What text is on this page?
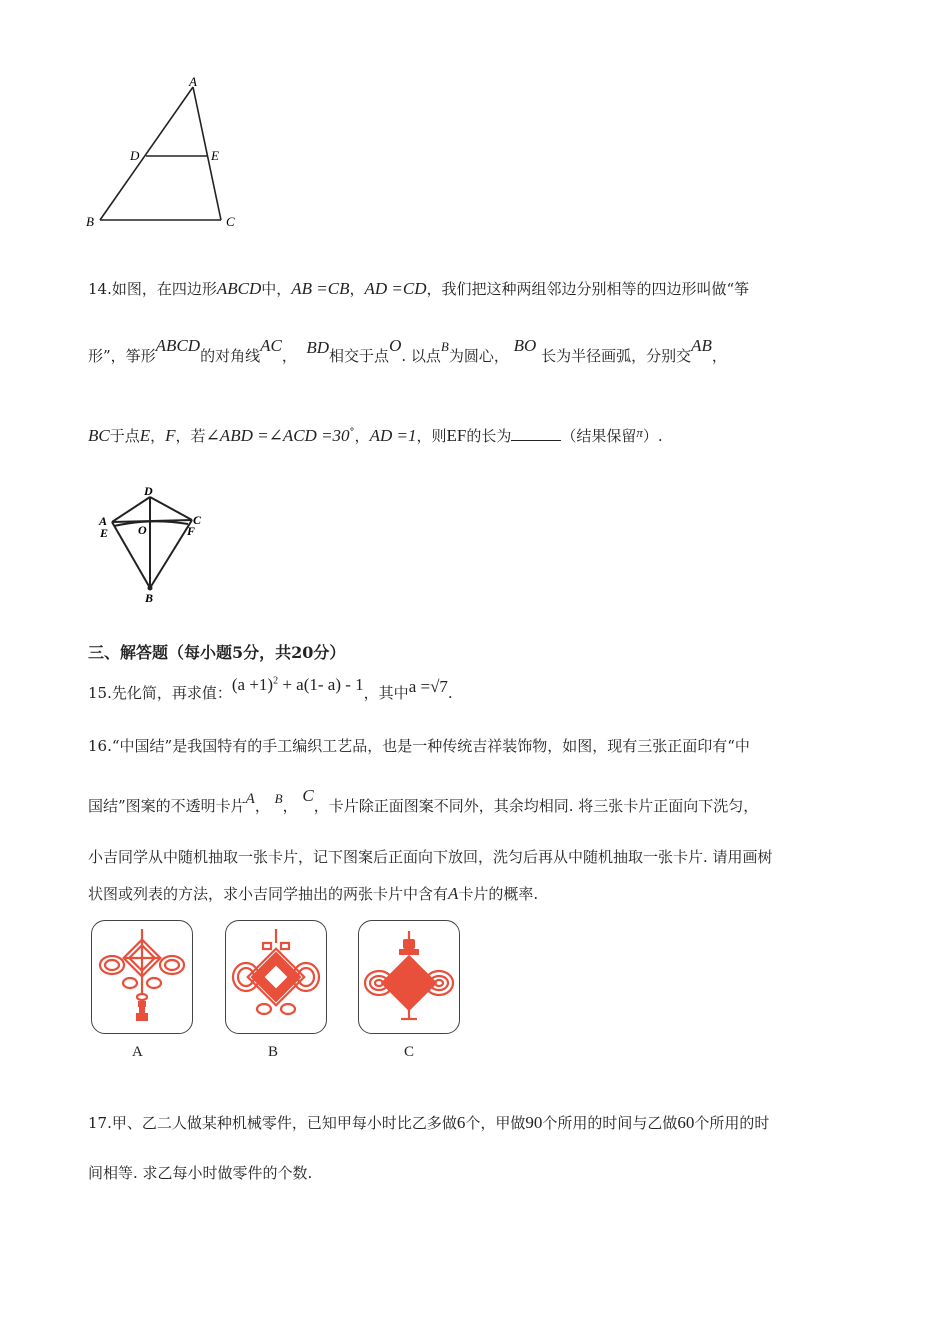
A
D	E
B	C
14.如图，在四边形ABCD中，AB =CB，AD =CD，我们把这种两组邻边分别相等的四边形叫做“筝
形”，筝形ABCD的对角线AC， BD相交于点O. 以点B为圆心， BO 长为半径画弧，分别交AB，
BC于点E，F，若∠ABD =∠ACD =30°，AD =1，则EF的长为	（结果保留π）.
D
A
E O
C
F
B
三、解答题（每小题5分，共20分）
15.先化简，再求值：$(a +1)^2 + a(1-$ a) - 1，其中a =√7.
16.“中国结”是我国特有的手工编织工艺品，也是一种传统吉祥装饰物，如图，现有三张正面印有“中
国结”图案的不透明卡片A， B， C，卡片除正面图案不同外，其余均相同. 将三张卡片正面向下洗匀，
小吉同学从中随机抽取一张卡片，记下图案后正面向下放回，洗匀后再从中随机抽取一张卡片. 请用画树
状图或列表的方法，求小吉同学抽出的两张卡片中含有A卡片的概率.
A	B	C
17.甲、乙二人做某种机械零件，已知甲每小时比乙多做6个，甲做90个所用的时间与乙做60个所用的时
间相等. 求乙每小时做零件的个数.
